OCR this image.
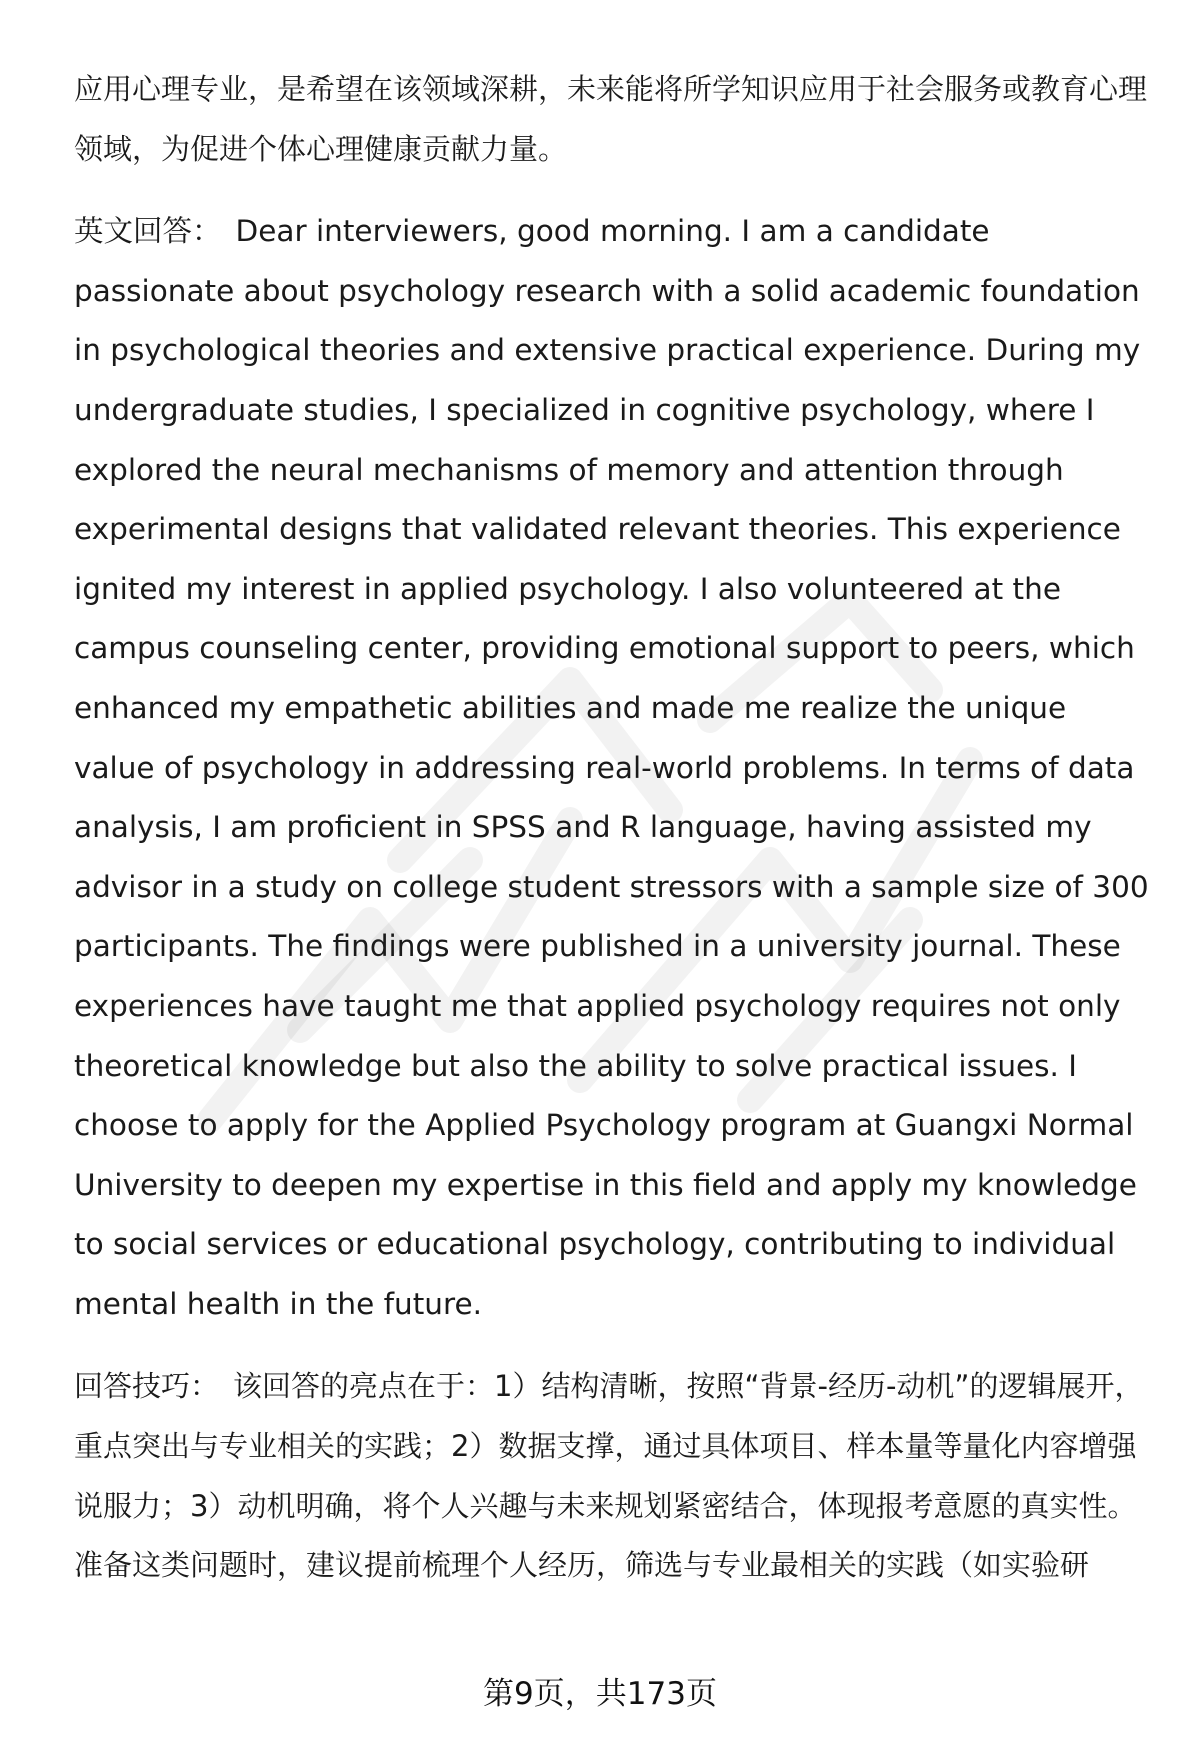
应用心理专业，是希望在该领域深耕，未来能将所学知识应用于社会服务或教育心理领域，为促进个体心理健康贡献力量。

英文回答： Dear interviewers, good morning. I am a candidate passionate about psychology research with a solid academic foundation in psychological theories and extensive practical experience. During my undergraduate studies, I specialized in cognitive psychology, where I explored the neural mechanisms of memory and attention through experimental designs that validated relevant theories. This experience ignited my interest in applied psychology. I also volunteered at the campus counseling center, providing emotional support to peers, which enhanced my empathetic abilities and made me realize the unique value of psychology in addressing real-world problems. In terms of data analysis, I am proficient in SPSS and R language, having assisted my advisor in a study on college student stressors with a sample size of 300 participants. The findings were published in a university journal. These experiences have taught me that applied psychology requires not only theoretical knowledge but also the ability to solve practical issues. I choose to apply for the Applied Psychology program at Guangxi Normal University to deepen my expertise in this field and apply my knowledge to social services or educational psychology, contributing to individual mental health in the future.

回答技巧： 该回答的亮点在于：1）结构清晰，按照“背景-经历-动机”的逻辑展开，重点突出与专业相关的实践；2）数据支撑，通过具体项目、样本量等量化内容增强说服力；3）动机明确，将个人兴趣与未来规划紧密结合，体现报考意愿的真实性。

准备这类问题时，建议提前梳理个人经历，筛选与专业最相关的实践（如实验研

第9页，共173页
